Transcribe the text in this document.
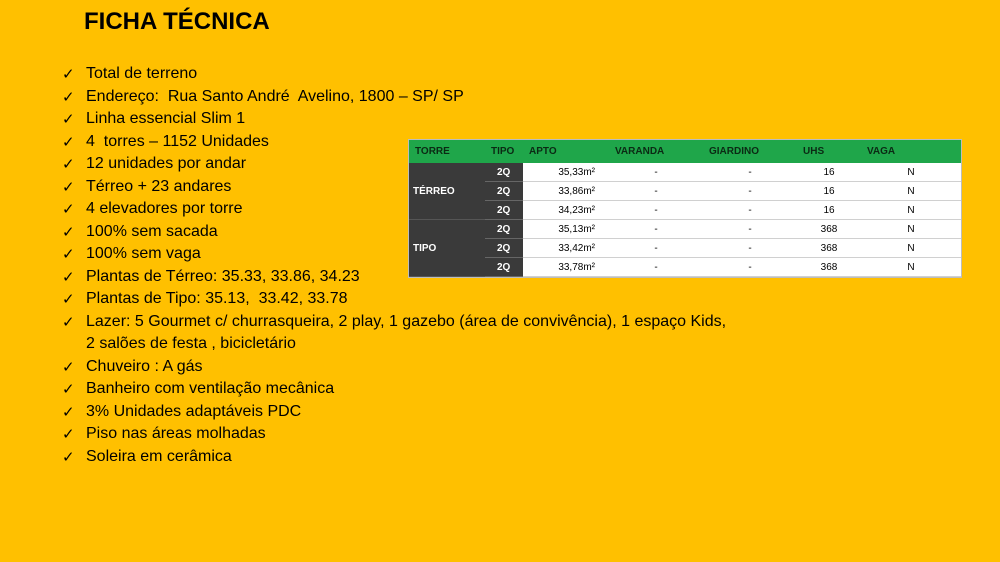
FICHA TÉCNICA
✓ Total de terreno
✓ Endereço:  Rua Santo André  Avelino, 1800 – SP/ SP
✓ Linha essencial Slim 1
✓ 4  torres – 1152 Unidades
✓ 12 unidades por andar
✓ Térreo + 23 andares
✓ 4 elevadores por torre
✓ 100% sem sacada
✓ 100% sem vaga
✓ Plantas de Térreo: 35.33, 33.86, 34.23
✓ Plantas de Tipo: 35.13,  33.42, 33.78
✓ Lazer: 5 Gourmet c/ churrasqueira, 2 play, 1 gazebo (área de convivência), 1 espaço Kids,
2 salões de festa , bicicletário
✓ Chuveiro : A gás
✓ Banheiro com ventilação mecânica
✓ 3% Unidades adaptáveis PDC
✓ Piso nas áreas molhadas
✓ Soleira em cerâmica
TORRE	TIPO	APTO	VARANDA	GIARDINO	UHS	VAGA
TÉRREO	2Q	35,33m²	-	-	16	N
	2Q	33,86m²	-	-	16	N
	2Q	34,23m²	-	-	16	N
TIPO	2Q	35,13m²	-	-	368	N
	2Q	33,42m²	-	-	368	N
	2Q	33,78m²	-	-	368	N
